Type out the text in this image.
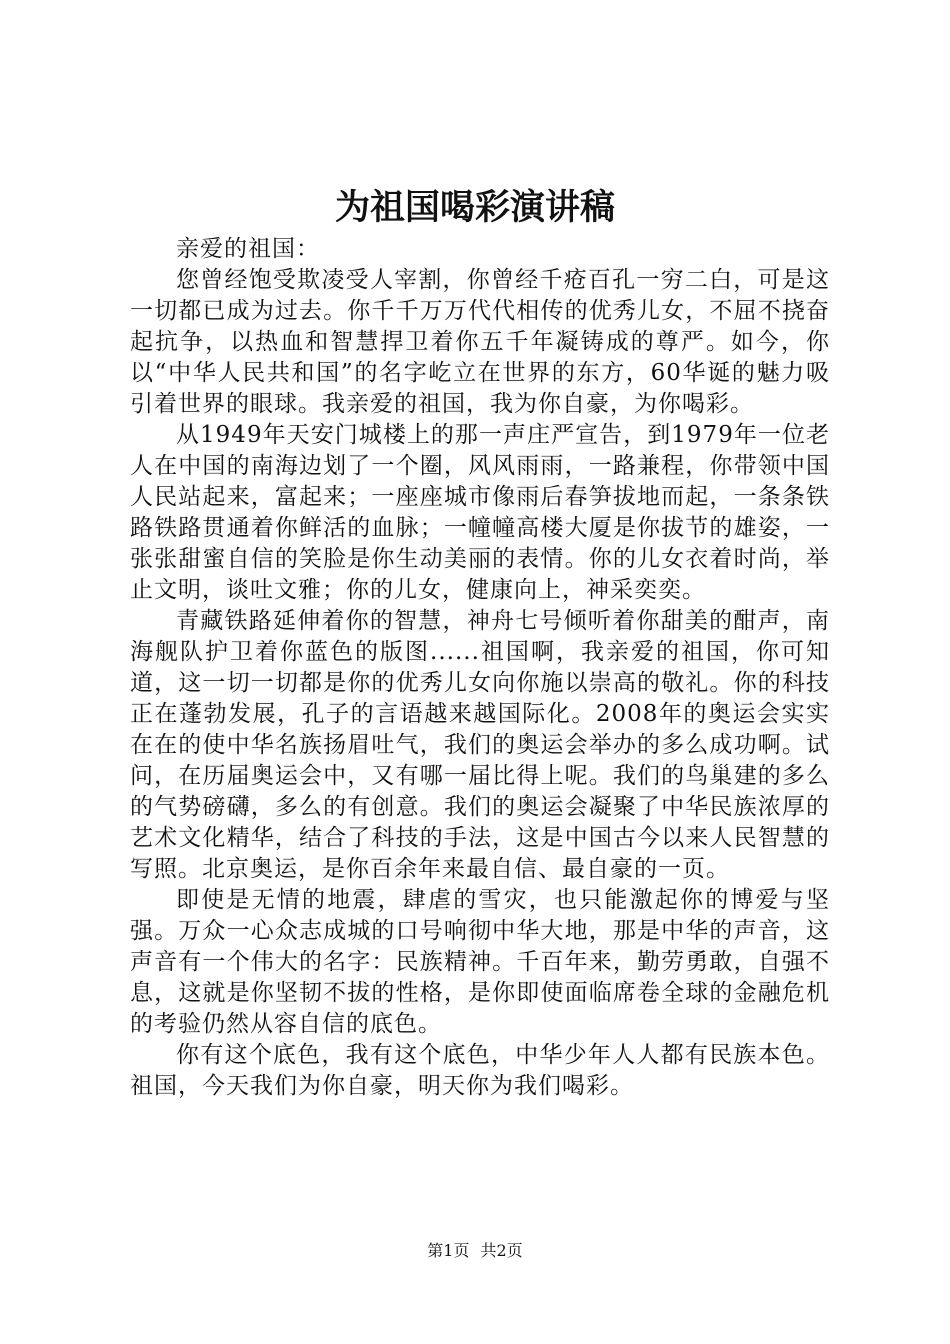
为祖国喝彩演讲稿

亲爱的祖国：

您曾经饱受欺凌受人宰割，你曾经千疮百孔一穷二白，可是这一切都已成为过去。你千千万万代代相传的优秀儿女，不屈不挠奋起抗争，以热血和智慧捍卫着你五千年凝铸成的尊严。如今，你以“中华人民共和国”的名字屹立在世界的东方，60华诞的魅力吸引着世界的眼球。我亲爱的祖国，我为你自豪，为你喝彩。

从1949年天安门城楼上的那一声庄严宣告，到1979年一位老人在中国的南海边划了一个圈，风风雨雨，一路兼程，你带领中国人民站起来，富起来；一座座城市像雨后春笋拔地而起，一条条铁路铁路贯通着你鲜活的血脉；一幢幢高楼大厦是你拔节的雄姿，一张张甜蜜自信的笑脸是你生动美丽的表情。你的儿女衣着时尚，举止文明，谈吐文雅；你的儿女，健康向上，神采奕奕。

青藏铁路延伸着你的智慧，神舟七号倾听着你甜美的酣声，南海舰队护卫着你蓝色的版图......祖国啊，我亲爱的祖国，你可知道，这一切一切都是你的优秀儿女向你施以崇高的敬礼。你的科技正在蓬勃发展，孔子的言语越来越国际化。2008年的奥运会实实在在的使中华名族扬眉吐气，我们的奥运会举办的多么成功啊。试问，在历届奥运会中，又有哪一届比得上呢。我们的鸟巢建的多么的气势磅礴，多么的有创意。我们的奥运会凝聚了中华民族浓厚的艺术文化精华，结合了科技的手法，这是中国古今以来人民智慧的写照。北京奥运，是你百余年来最自信、最自豪的一页。

即使是无情的地震，肆虐的雪灾，也只能激起你的博爱与坚强。万众一心众志成城的口号响彻中华大地，那是中华的声音，这声音有一个伟大的名字：民族精神。千百年来，勤劳勇敢，自强不息，这就是你坚韧不拔的性格，是你即使面临席卷全球的金融危机的考验仍然从容自信的底色。

你有这个底色，我有这个底色，中华少年人人都有民族本色。祖国，今天我们为你自豪，明天你为我们喝彩。

第1页 共2页
